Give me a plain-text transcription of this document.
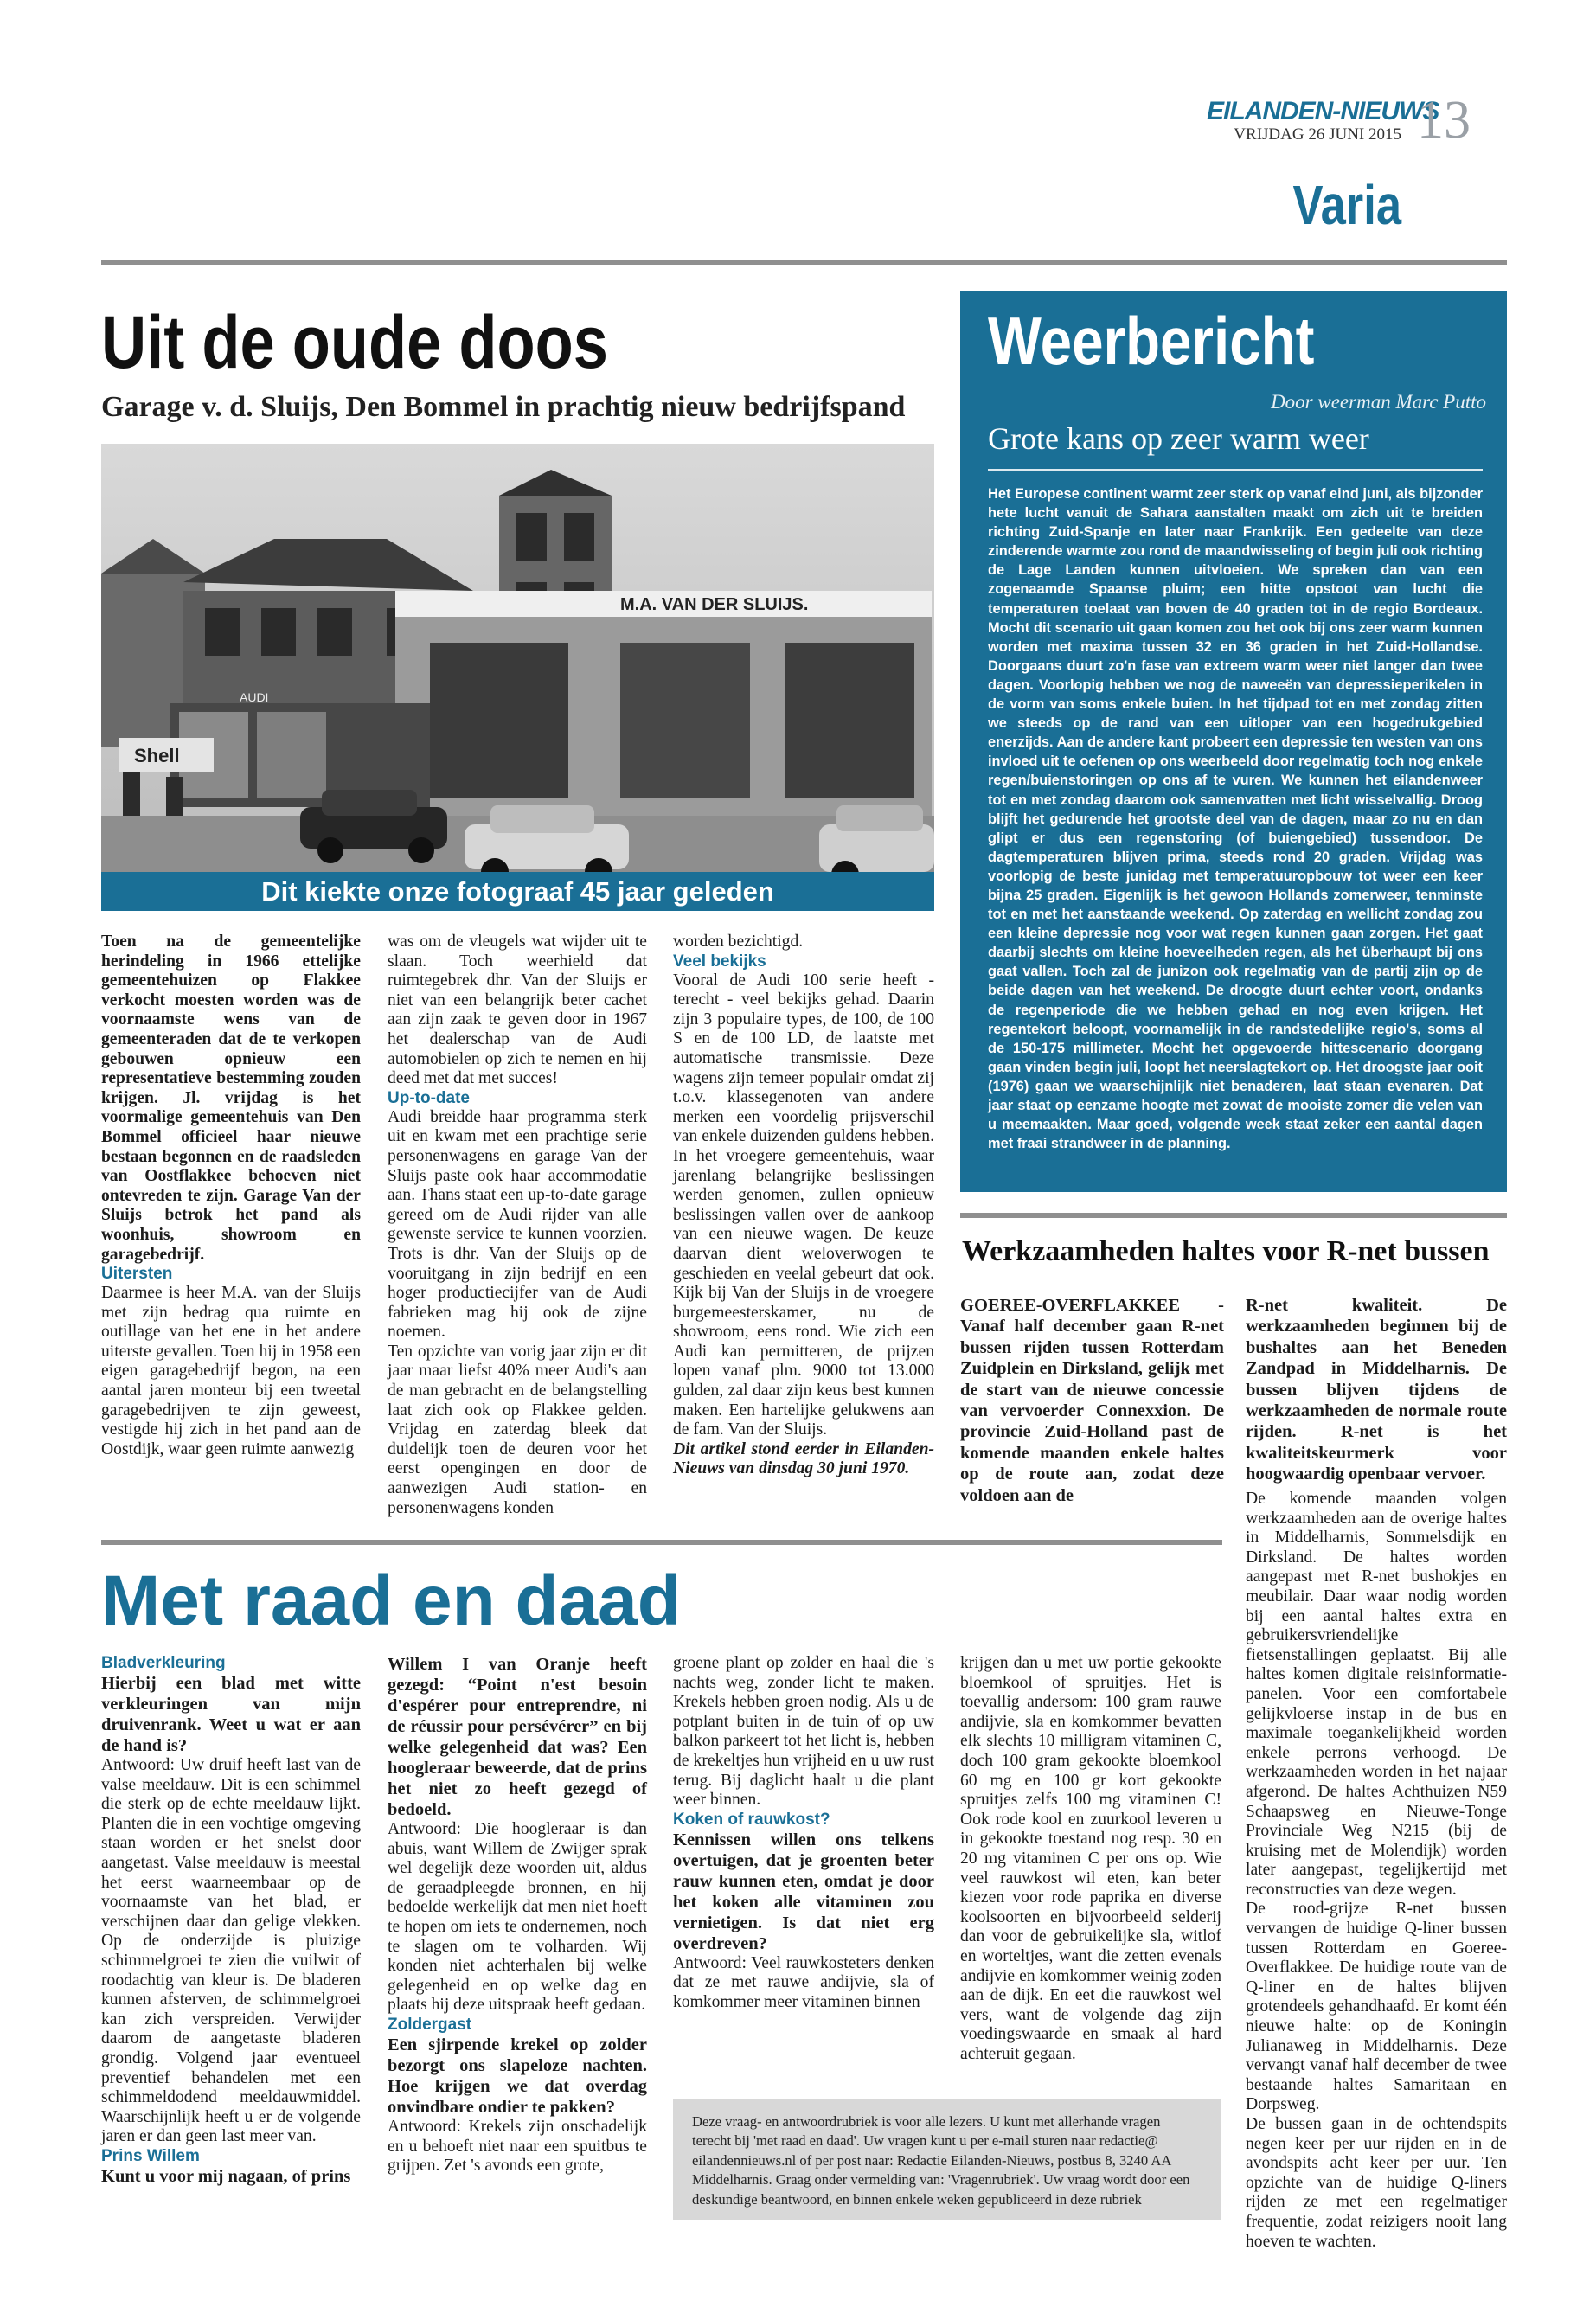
EILANDEN-NIEUWS
VRIJDAG 26 JUNI 2015 13
Varia
Uit de oude doos
Garage v. d. Sluijs, Den Bommel in prachtig nieuw bedrijfspand
M.A. VAN DER SLUIJS.
Shell
AUDI
Dit kiekte onze fotograaf 45 jaar geleden

Toen na de gemeentelijke herindeling in 1966 ettelijke gemeentehuizen op Flakkee verkocht moesten worden was de voornaamste wens van de gemeenteraden dat de te verkopen gebouwen opnieuw een representatieve bestemming zouden krijgen. Jl. vrijdag is het voormalige gemeentehuis van Den Bommel officieel haar nieuwe bestaan begonnen en de raadsleden van Oostflakkee behoeven niet ontevreden te zijn. Garage Van der Sluijs betrok het pand als woonhuis, showroom en garagebedrijf.

Uitersten

Daarmee is heer M.A. van der Sluijs met zijn bedrag qua ruimte en outillage van het ene in het andere uiterste gevallen. Toen hij in 1958 een eigen garagebedrijf begon, na een aantal jaren monteur bij een tweetal garagebedrijven te zijn geweest, vestigde hij zich in het pand aan de Oostdijk, waar geen ruimte aanwezig

was om de vleugels wat wijder uit te slaan. Toch weerhield dat ruimtegebrek dhr. Van der Sluijs er niet van een belangrijk beter cachet aan zijn zaak te geven door in 1967 het dealerschap van de Audi automobielen op zich te nemen en hij deed met dat met succes!

Up-to-date

Audi breidde haar programma sterk uit en kwam met een prachtige serie personenwagens en garage Van der Sluijs paste ook haar accommodatie aan. Thans staat een up-to-date garage gereed om de Audi rijder van alle gewenste service te kunnen voorzien. Trots is dhr. Van der Sluijs op de vooruitgang in zijn bedrijf en een hoger productiecijfer van de Audi fabrieken mag hij ook de zijne noemen.

Ten opzichte van vorig jaar zijn er dit jaar maar liefst 40% meer Audi's aan de man gebracht en de belangstelling laat zich ook op Flakkee gelden. Vrijdag en zaterdag bleek dat duidelijk toen de deuren voor het eerst opengingen en door de aanwezigen Audi station- en personenwagens konden

worden bezichtigd.

Veel bekijks

Vooral de Audi 100 serie heeft - terecht - veel bekijks gehad. Daarin zijn 3 populaire types, de 100, de 100 S en de 100 LD, de laatste met automatische transmissie. Deze wagens zijn temeer populair omdat zij t.o.v. klassegenoten van andere merken een voordelig prijsverschil van enkele duizenden guldens hebben.

In het vroegere gemeentehuis, waar jarenlang belangrijke beslissingen werden genomen, zullen opnieuw beslissingen vallen over de aankoop van een nieuwe wagen. De keuze daarvan dient weloverwogen te geschieden en veelal gebeurt dat ook. Kijk bij Van der Sluijs in de vroegere burgemeesterskamer, nu de showroom, eens rond. Wie zich een Audi kan permitteren, de prijzen lopen vanaf plm. 9000 tot 13.000 gulden, zal daar zijn keus best kunnen maken. Een hartelijke gelukwens aan de fam. Van der Sluijs.

Dit artikel stond eerder in Eilanden-Nieuws van dinsdag 30 juni 1970.

Weerbericht
Door weerman Marc Putto
Grote kans op zeer warm weer
Het Europese continent warmt zeer sterk op vanaf eind juni, als bijzonder hete lucht vanuit de Sahara aanstalten maakt om zich uit te breiden richting Zuid-Spanje en later naar Frankrijk. Een gedeelte van deze zinderende warmte zou rond de maandwisseling of begin juli ook richting de Lage Landen kunnen uitvloeien. We spreken dan van een zogenaamde Spaanse pluim; een hitte opstoot van lucht die temperaturen toelaat van boven de 40 graden tot in de regio Bordeaux. Mocht dit scenario uit gaan komen zou het ook bij ons zeer warm kunnen worden met maxima tussen 32 en 36 graden in het Zuid-Hollandse. Doorgaans duurt zo'n fase van extreem warm weer niet langer dan twee dagen. Voorlopig hebben we nog de naweeën van depressieperikelen in de vorm van soms enkele buien. In het tijdpad tot en met zondag zitten we steeds op de rand van een uitloper van een hogedrukgebied enerzijds. Aan de andere kant probeert een depressie ten westen van ons invloed uit te oefenen op ons weerbeeld door regelmatig toch nog enkele regen/buienstoringen op ons af te vuren. We kunnen het eilandenweer tot en met zondag daarom ook samenvatten met licht wisselvallig. Droog blijft het gedurende het grootste deel van de dagen, maar zo nu en dan glipt er dus een regenstoring (of buiengebied) tussendoor. De dagtemperaturen blijven prima, steeds rond 20 graden. Vrijdag was voorlopig de beste junidag met temperatuuropbouw tot weer een keer bijna 25 graden. Eigenlijk is het gewoon Hollands zomerweer, tenminste tot en met het aanstaande weekend. Op zaterdag en wellicht zondag zou een kleine depressie nog voor wat regen kunnen gaan zorgen. Het gaat daarbij slechts om kleine hoeveelheden regen, als het überhaupt bij ons gaat vallen. Toch zal de junizon ook regelmatig van de partij zijn op de beide dagen van het weekend. De droogte duurt echter voort, ondanks de regenperiode die we hebben gehad en nog even krijgen. Het regentekort beloopt, voornamelijk in de randstedelijke regio's, soms al de 150-175 millimeter. Mocht het opgevoerde hittescenario doorgang gaan vinden begin juli, loopt het neerslagtekort op. Het droogste jaar ooit (1976) gaan we waarschijnlijk niet benaderen, laat staan evenaren. Dat jaar staat op eenzame hoogte met zowat de mooiste zomer die velen van u meemaakten. Maar goed, volgende week staat zeker een aantal dagen met fraai strandweer in de planning.
Werkzaamheden haltes voor R-net bussen
GOEREE-OVERFLAKKEE - Vanaf half december gaan R-net bussen rijden tussen Rotterdam Zuidplein en Dirksland, gelijk met de start van de nieuwe concessie van vervoerder Connexxion. De provincie Zuid-Holland past de komende maanden enkele haltes op de route aan, zodat deze voldoen aan de
R-net kwaliteit. De werkzaamheden beginnen bij de bushaltes aan het Beneden Zandpad in Middelharnis. De bussen blijven tijdens de werkzaamheden de normale route rijden. R-net is het kwaliteitskeurmerk voor hoogwaardig openbaar vervoer.

De komende maanden volgen werkzaamheden aan de overige haltes in Middelharnis, Sommelsdijk en Dirksland. De haltes worden aangepast met R-net bushokjes en meubilair. Daar waar nodig worden bij een aantal haltes extra en gebruikersvriendelijke fietsenstallingen geplaatst. Bij alle haltes komen digitale reisinformatie-panelen. Voor een comfortabele gelijkvloerse instap in de bus en maximale toegankelijkheid worden enkele perrons verhoogd. De werkzaamheden worden in het najaar afgerond. De haltes Achthuizen N59 Schaapsweg en Nieuwe-Tonge Provinciale Weg N215 (bij de kruising met de Molendijk) worden later aangepast, tegelijkertijd met reconstructies van deze wegen.

De rood-grijze R-net bussen vervangen de huidige Q-liner bussen tussen Rotterdam en Goeree-Overflakkee. De huidige route van de Q-liner en de haltes blijven grotendeels gehandhaafd. Er komt één nieuwe halte: op de Koningin Julianaweg in Middelharnis. Deze vervangt vanaf half december de twee bestaande haltes Samaritaan en Dorpsweg.

De bussen gaan in de ochtendspits negen keer per uur rijden en in de avondspits acht keer per uur. Ten opzichte van de huidige Q-liners rijden ze met een regelmatiger frequentie, zodat reizigers nooit lang hoeven te wachten.

Met raad en daad

Bladverkleuring

Hierbij een blad met witte verkleuringen van mijn druivenrank. Weet u wat er aan de hand is?

Antwoord: Uw druif heeft last van de valse meeldauw. Dit is een schimmel die sterk op de echte meeldauw lijkt. Planten die in een vochtige omgeving staan worden er het snelst door aangetast. Valse meeldauw is meestal het eerst waarneembaar op de voornaamste van het blad, er verschijnen daar dan gelige vlekken. Op de onderzijde is pluizige schimmelgroei te zien die vuilwit of roodachtig van kleur is. De bladeren kunnen afsterven, de schimmelgroei kan zich verspreiden. Verwijder daarom de aangetaste bladeren grondig. Volgend jaar eventueel preventief behandelen met een schimmeldodend meeldauwmiddel. Waarschijnlijk heeft u er de volgende jaren er dan geen last meer van.

Prins Willem

Kunt u voor mij nagaan, of prins

Willem I van Oranje heeft gezegd: “Point n'est besoin d'espérer pour entreprendre, ni de réussir pour persévérer” en bij welke gelegenheid dat was? Een hoogleraar beweerde, dat de prins het niet zo heeft gezegd of bedoeld.

Antwoord: Die hoogleraar is dan abuis, want Willem de Zwijger sprak wel degelijk deze woorden uit, aldus de geraadpleegde bronnen, en hij bedoelde werkelijk dat men niet hoeft te hopen om iets te ondernemen, noch te slagen om te volharden. Wij konden niet achterhalen bij welke gelegenheid en op welke dag en plaats hij deze uitspraak heeft gedaan.

Zoldergast

Een sjirpende krekel op zolder bezorgt ons slapeloze nachten. Hoe krijgen we dat overdag onvindbare ondier te pakken?

Antwoord: Krekels zijn onschadelijk en u behoeft niet naar een spuitbus te grijpen. Zet 's avonds een grote,

groene plant op zolder en haal die 's nachts weg, zonder licht te maken. Krekels hebben groen nodig. Als u de potplant buiten in de tuin of op uw balkon parkeert tot het licht is, hebben de krekeltjes hun vrijheid en u uw rust terug. Bij daglicht haalt u die plant weer binnen.

Koken of rauwkost?

Kennissen willen ons telkens overtuigen, dat je groenten beter rauw kunnen eten, omdat je door het koken alle vitaminen zou vernietigen. Is dat niet erg overdreven?

Antwoord: Veel rauwkosteters denken dat ze met rauwe andijvie, sla of komkommer meer vitaminen binnen

krijgen dan u met uw portie gekookte bloemkool of spruitjes. Het is toevallig andersom: 100 gram rauwe andijvie, sla en komkommer bevatten elk slechts 10 milligram vitaminen C, doch 100 gram gekookte bloemkool 60 mg en 100 gr kort gekookte spruitjes zelfs 100 mg vitaminen C! Ook rode kool en zuurkool leveren u in gekookte toestand nog resp. 30 en 20 mg vitaminen C per ons op. Wie veel rauwkost wil eten, kan beter kiezen voor rode paprika en diverse koolsoorten en bijvoorbeeld selderij dan voor de gebruikelijke sla, witlof en worteltjes, want die zetten evenals andijvie en komkommer weinig zoden aan de dijk. En eet die rauwkost wel vers, want de volgende dag zijn voedingswaarde en smaak al hard achteruit gegaan.

Deze vraag- en antwoordrubriek is voor alle lezers. U kunt met allerhande vragen terecht bij 'met raad en daad'. Uw vragen kunt u per e-mail sturen naar redactie@ eilandennieuws.nl of per post naar: Redactie Eilanden-Nieuws, postbus 8, 3240 AA Middelharnis. Graag onder vermelding van: 'Vragenrubriek'. Uw vraag wordt door een deskundige beantwoord, en binnen enkele weken gepubliceerd in deze rubriek
